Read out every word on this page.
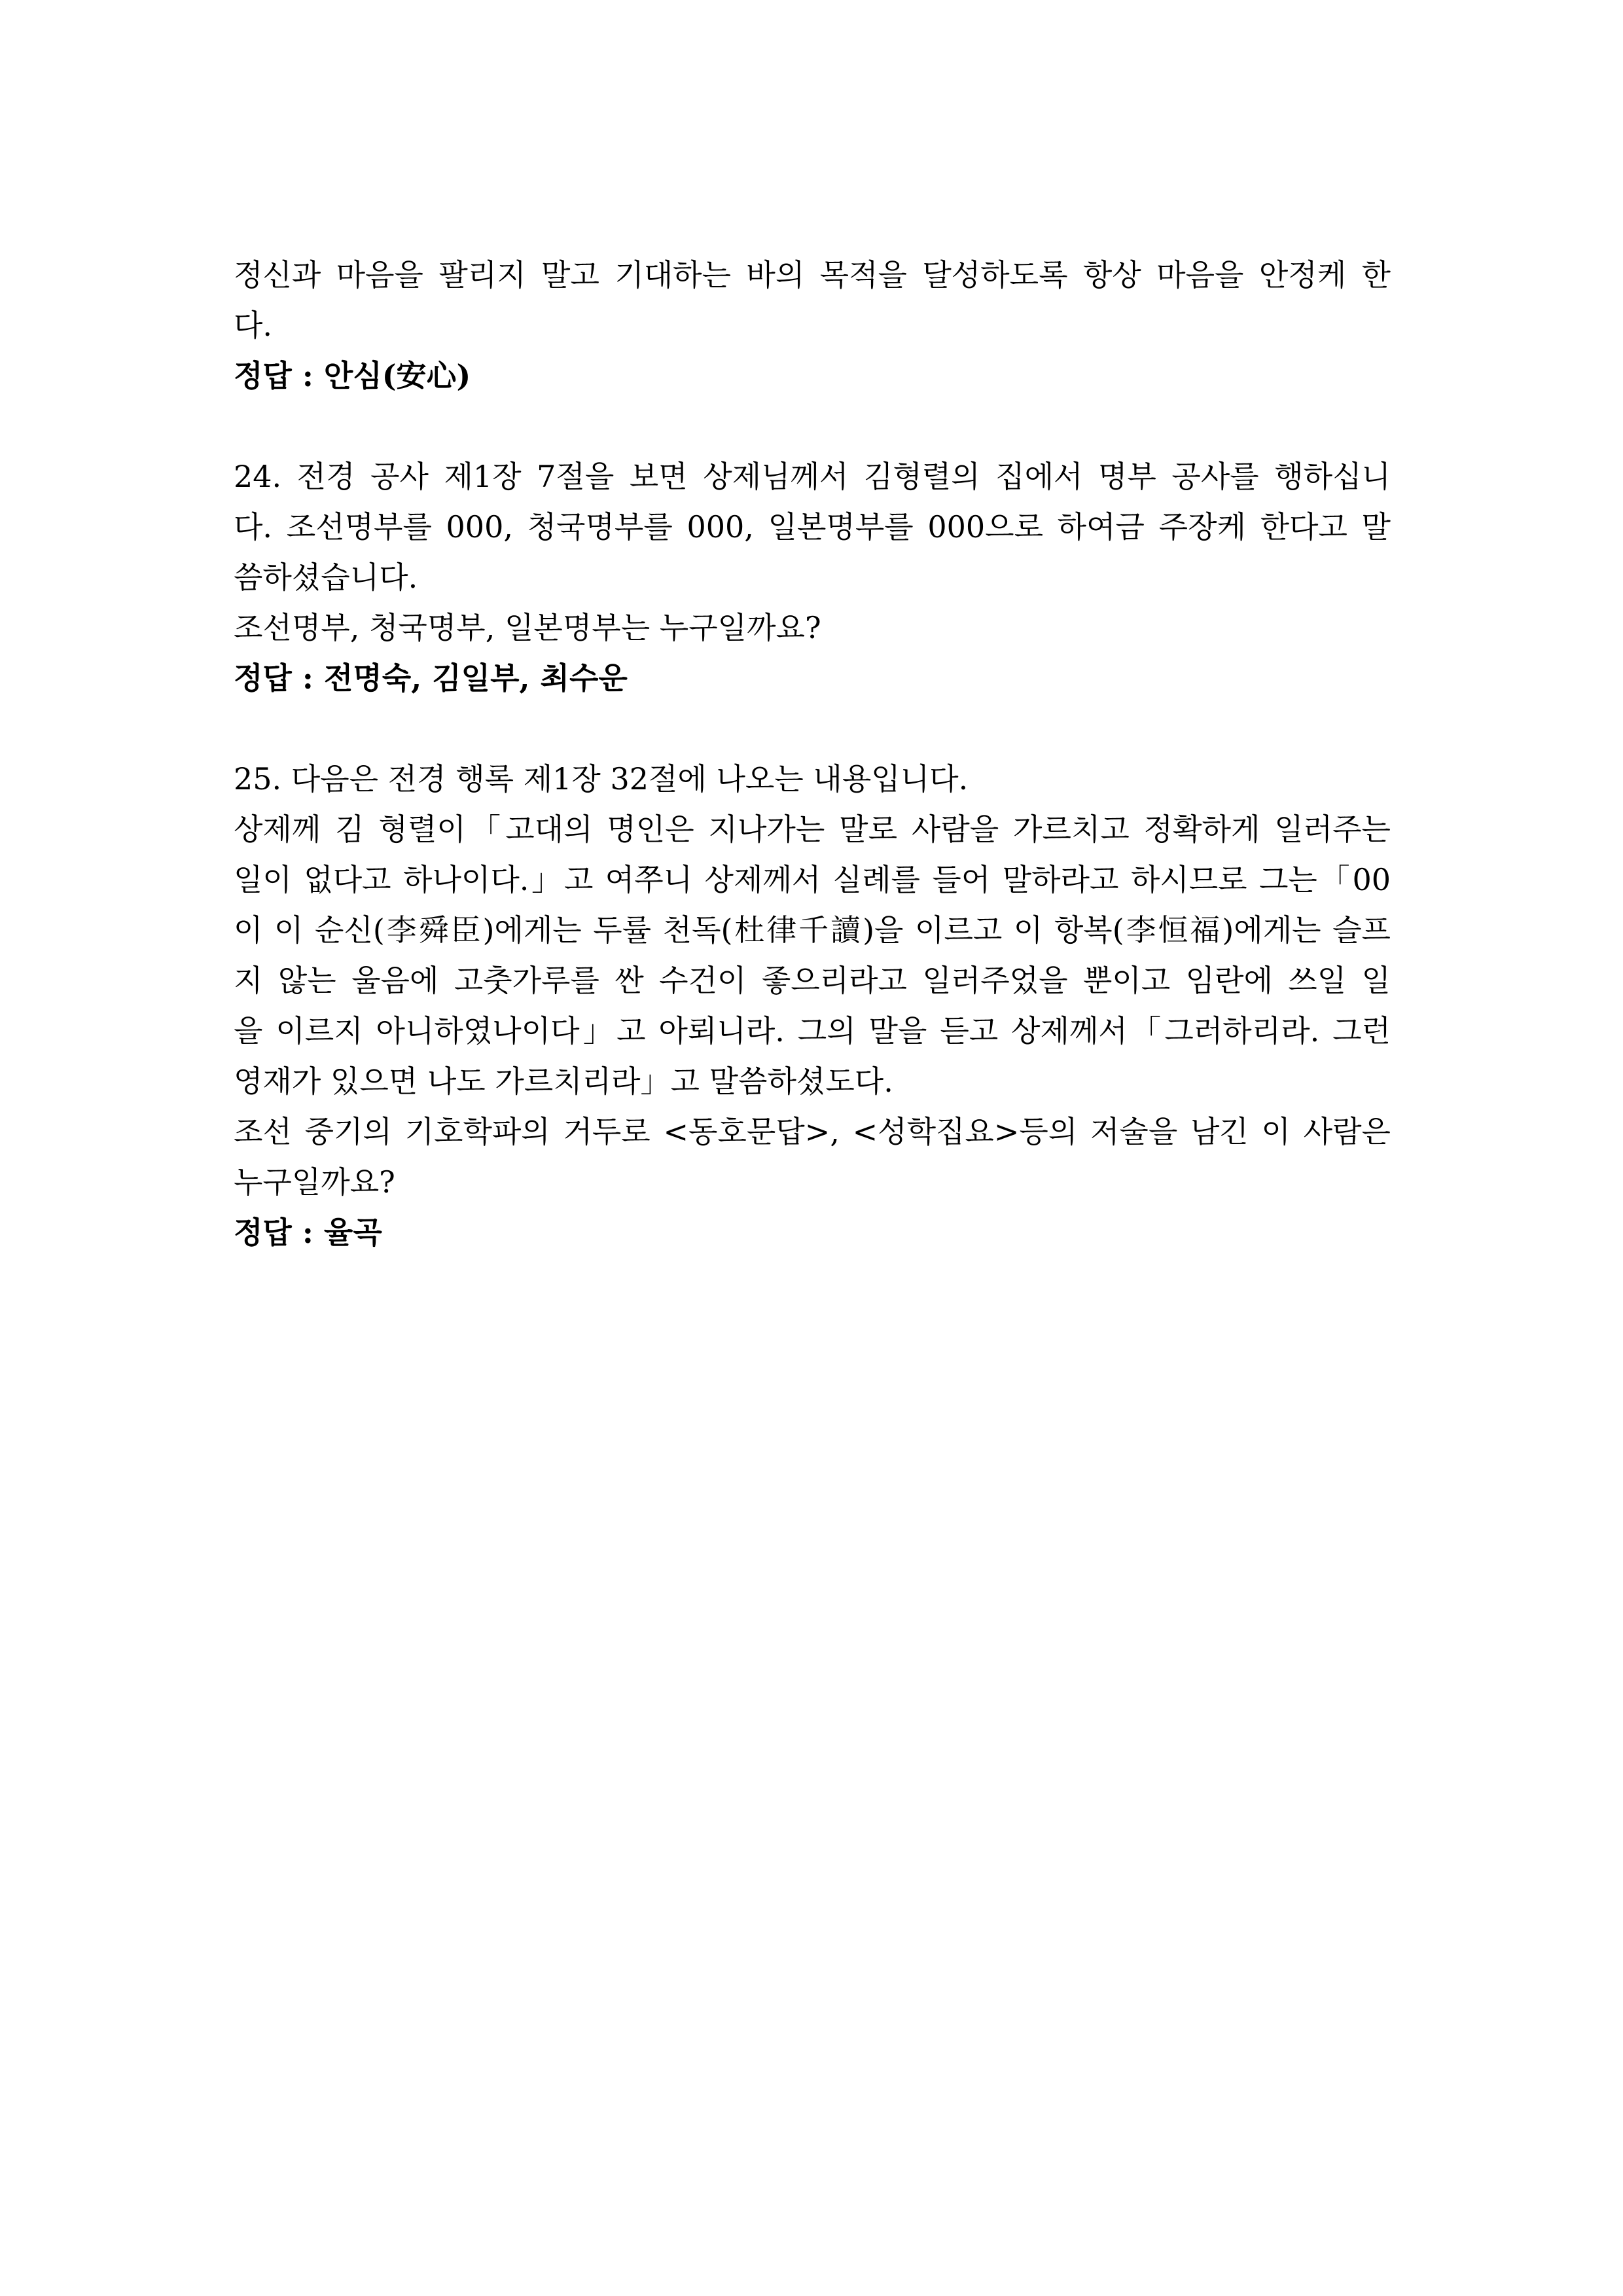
정신과 마음을 팔리지 말고 기대하는 바의 목적을 달성하도록 항상 마음을 안정케 한
다.
정답 : 안심(安心)
24. 전경 공사 제1장 7절을 보면 상제님께서 김형렬의 집에서 명부 공사를 행하십니
다. 조선명부를 000, 청국명부를 000, 일본명부를 000으로 하여금 주장케 한다고 말
씀하셨습니다.
조선명부, 청국명부, 일본명부는 누구일까요?
정답 : 전명숙, 김일부, 최수운
25. 다음은 전경 행록 제1장 32절에 나오는 내용입니다.
상제께 김 형렬이「고대의 명인은 지나가는 말로 사람을 가르치고 정확하게 일러주는
일이 없다고 하나이다.」고 여쭈니 상제께서 실례를 들어 말하라고 하시므로 그는「00
이 이 순신(李舜臣)에게는 두률 천독(杜律千讀)을 이르고 이 항복(李恒福)에게는 슬프
지 않는 울음에 고춧가루를 싼 수건이 좋으리라고 일러주었을 뿐이고 임란에 쓰일 일
을 이르지 아니하였나이다」고 아뢰니라. 그의 말을 듣고 상제께서「그러하리라. 그런
영재가 있으면 나도 가르치리라」고 말씀하셨도다.
조선 중기의 기호학파의 거두로 <동호문답>, <성학집요>등의 저술을 남긴 이 사람은
누구일까요?
정답 : 율곡
